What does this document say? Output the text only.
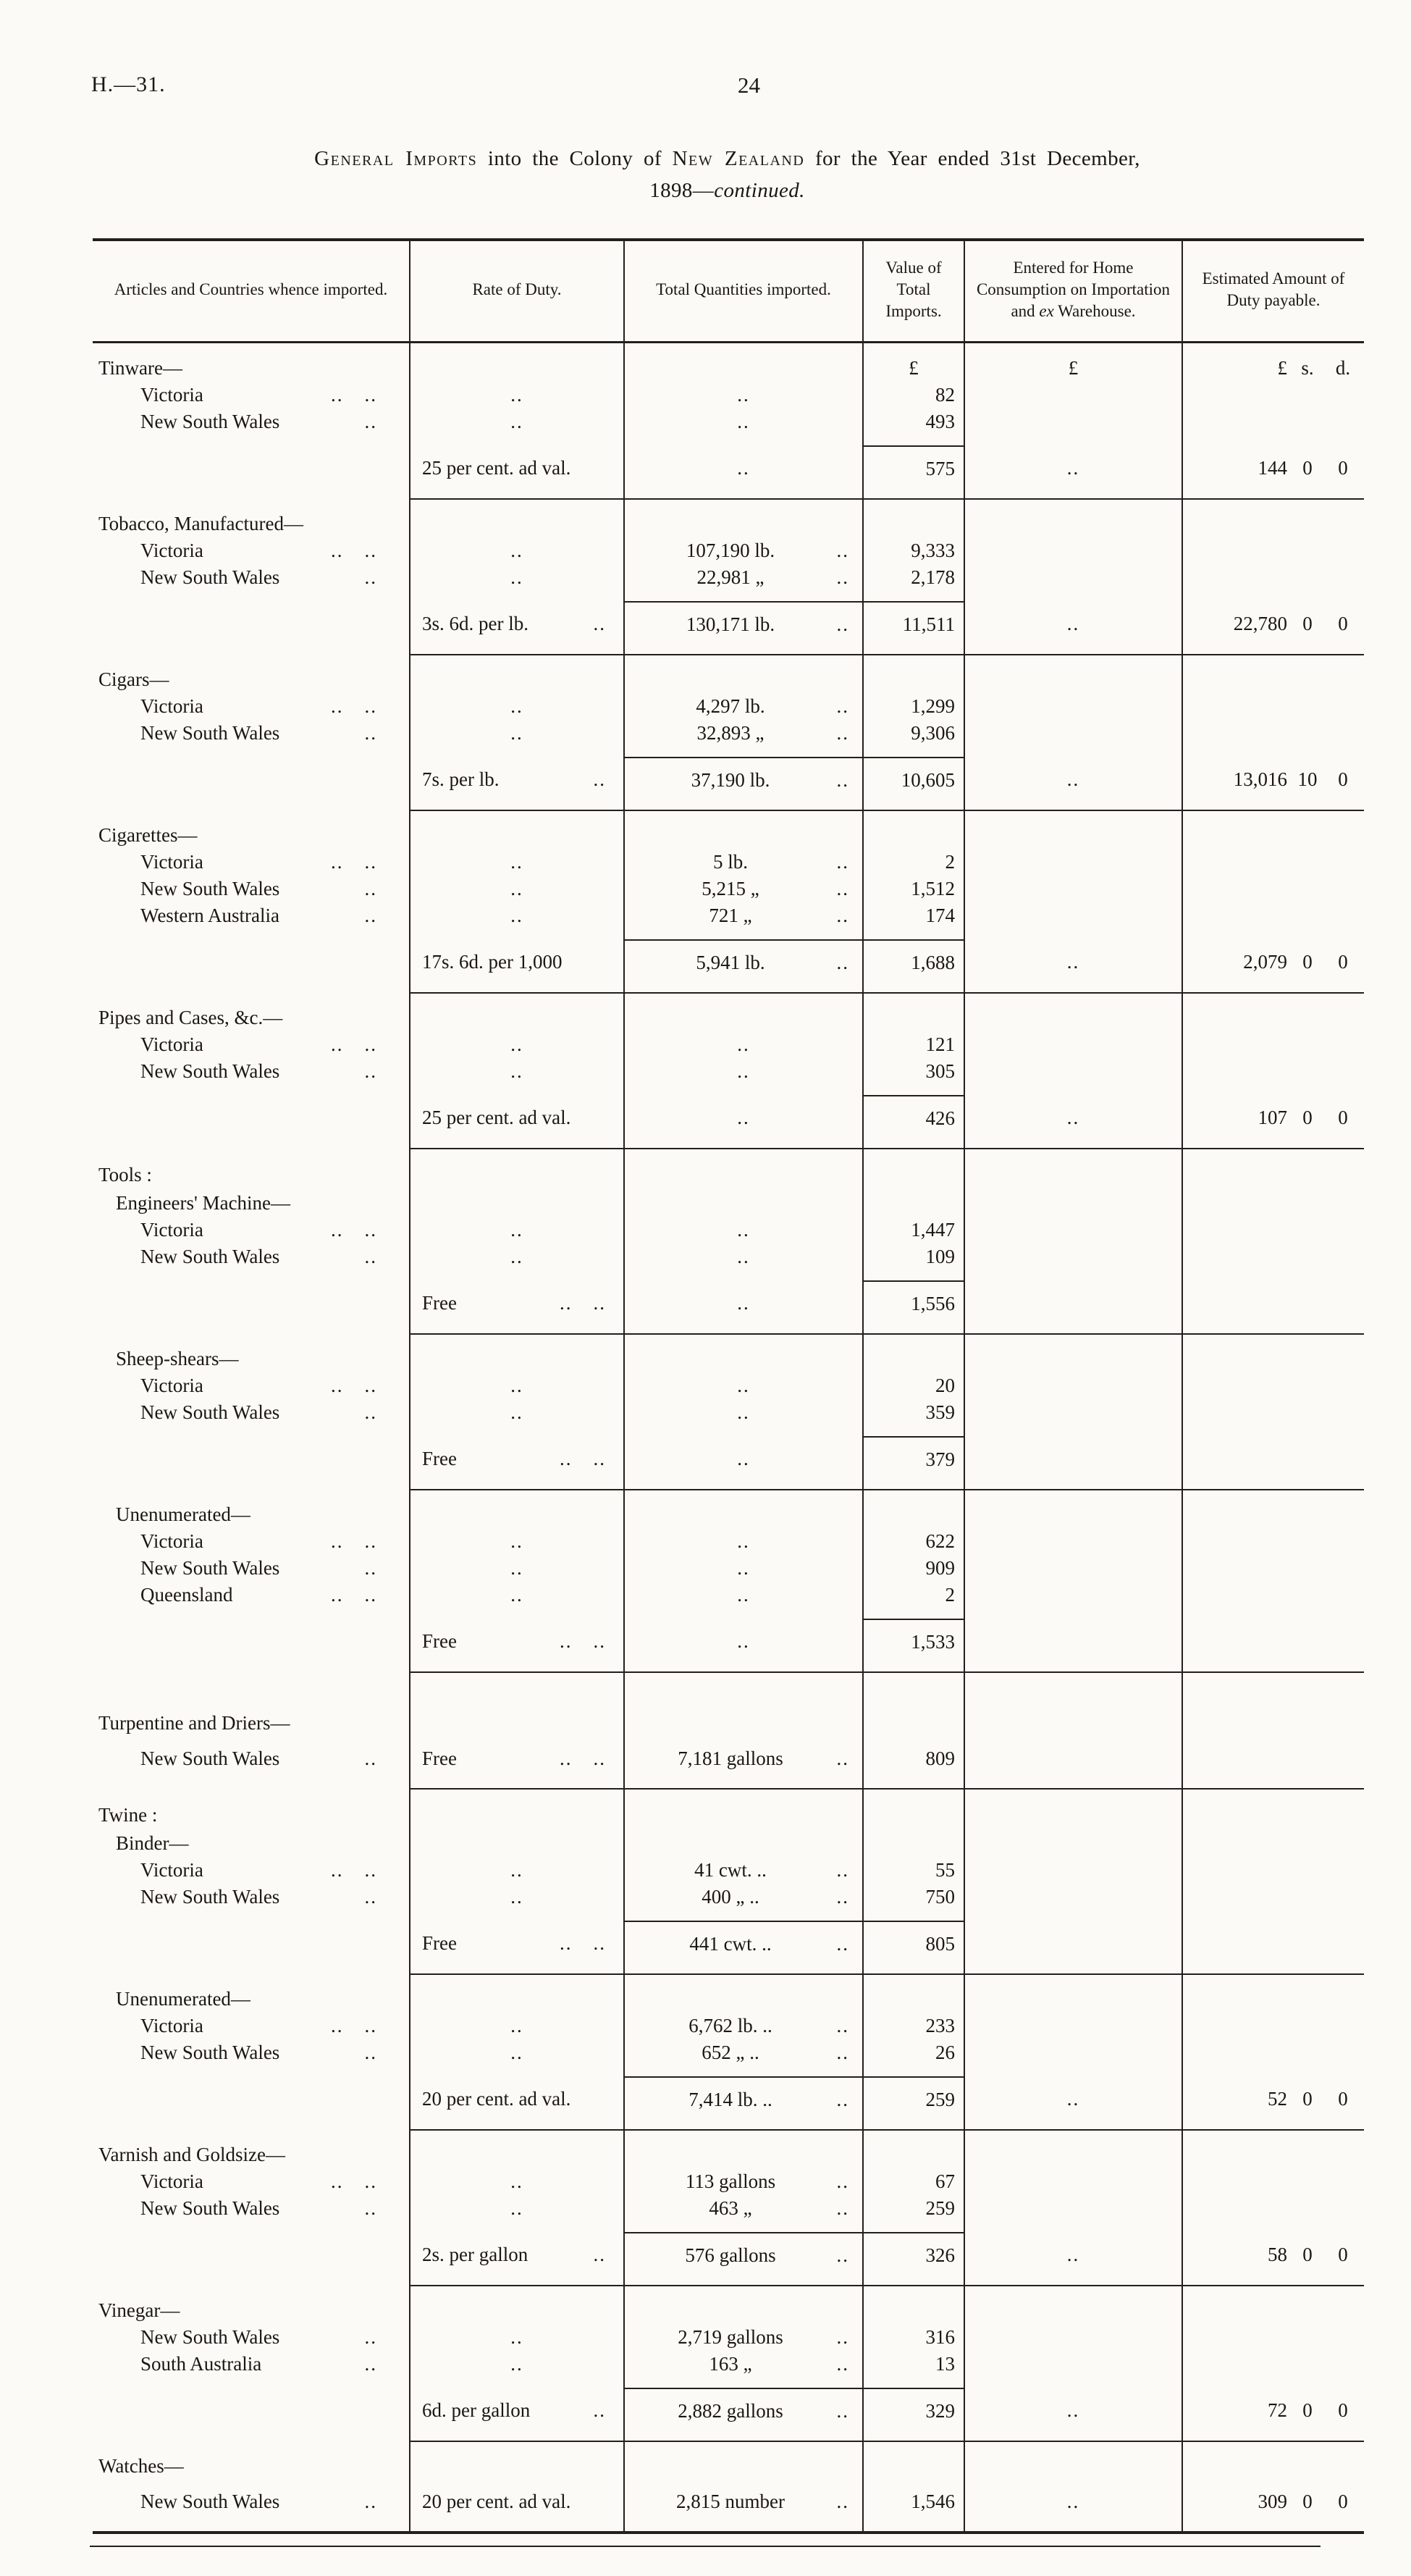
H.—31.	24
General Imports into the Colony of New Zealand for the Year ended 31st December,
1898—continued.
Articles and Countries whence imported.	Rate of Duty.	Total Quantities imported.	Value of Total Imports.	Entered for Home Consumption on Importation and ex Warehouse.	Estimated Amount of Duty payable.
Tinware—			£	£	£ s. d.

Victoria .. ..	..	..	82		

New South Wales ..	..	..	493		

	25 per cent. ad val.	..	575	..	144 0 0

Tobacco, Manufactured—					

Victoria .. ..	..	107,190 lb. ..	9,333		

New South Wales ..	..	22,981 „ ..	2,178		

	3s. 6d. per lb. ..	130,171 lb. ..	11,511	..	22,780 0 0

Cigars—					

Victoria .. ..	..	4,297 lb. ..	1,299		

New South Wales ..	..	32,893 „ ..	9,306		

	7s. per lb. ..	37,190 lb. ..	10,605	..	13,016 10 0

Cigarettes—					

Victoria .. ..	..	5 lb. ..	2		

New South Wales ..	..	5,215 „ ..	1,512		

Western Australia ..	..	721 „ ..	174		

	17s. 6d. per 1,000	5,941 lb. ..	1,688	..	2,079 0 0

Pipes and Cases, &c.—					

Victoria .. ..	..	..	121		

New South Wales ..	..	..	305		

	25 per cent. ad val.	..	426	..	107 0 0

Tools :					
Engineers' Machine—					

Victoria .. ..	..	..	1,447		

New South Wales ..	..	..	109		

	Free .. ..	..	1,556		
Sheep-shears—					

Victoria .. ..	..	..	20		

New South Wales ..	..	..	359		

	Free .. ..	..	379		
Unenumerated—					

Victoria .. ..	..	..	622		

New South Wales ..	..	..	909		

Queensland .. ..	..	..	2		

	Free .. ..	..	1,533		
Turpentine and Driers—					

New South Wales ..	Free .. ..	7,181 gallons ..	809		
Twine :					
Binder—					

Victoria .. ..	..	41 cwt. .. ..	55		

New South Wales ..	..	400 „ .. ..	750		

	Free .. ..	441 cwt. .. ..	805		
Unenumerated—					

Victoria .. ..	..	6,762 lb. .. ..	233		

New South Wales ..	..	652 „ .. ..	26		

	20 per cent. ad val.	7,414 lb. .. ..	259	..	52 0 0

Varnish and Goldsize—					

Victoria .. ..	..	113 gallons ..	67		

New South Wales ..	..	463 „ ..	259		

	2s. per gallon ..	576 gallons ..	326	..	58 0 0

Vinegar—					

New South Wales ..	..	2,719 gallons ..	316		

South Australia ..	..	163 „ ..	13		

	6d. per gallon ..	2,882 gallons ..	329	..	72 0 0

Watches—					

New South Wales ..	20 per cent. ad val.	2,815 number ..	1,546	..	309 0 0
